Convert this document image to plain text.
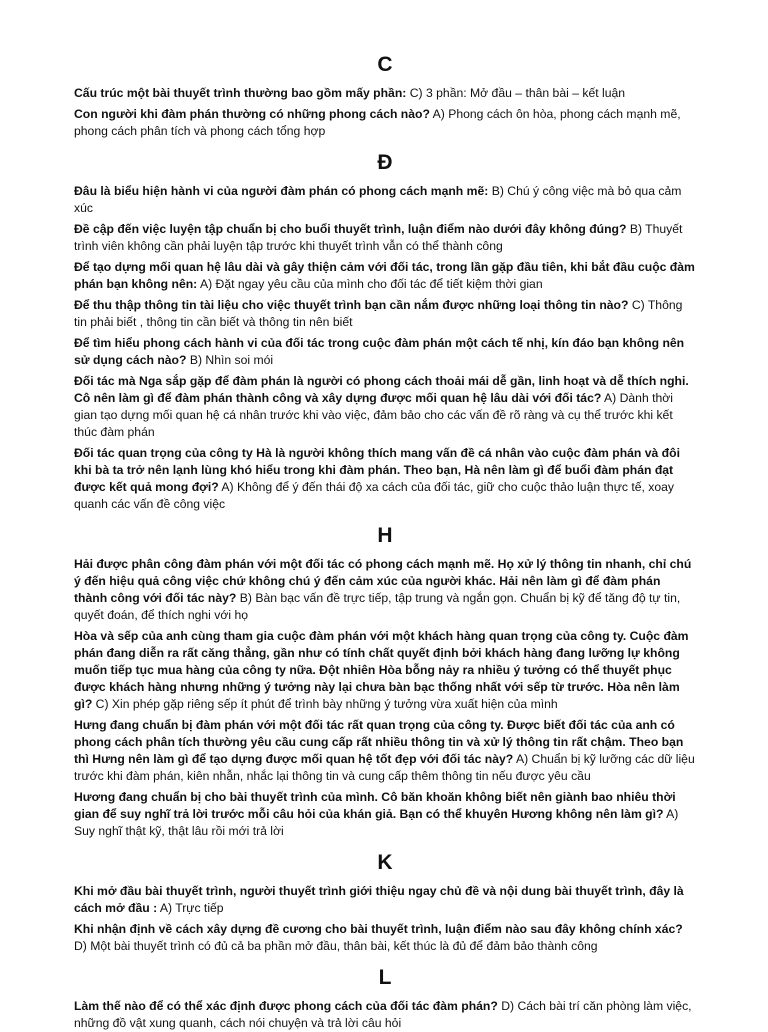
C

Cấu trúc một bài thuyết trình thường bao gồm mấy phần: C) 3 phần: Mở đầu – thân bài – kết luận

Con người khi đàm phán thường có những phong cách nào? A) Phong cách ôn hòa, phong cách mạnh mẽ, phong cách phân tích và phong cách tổng hợp

Đ

Đâu là biểu hiện hành vi của người đàm phán có phong cách mạnh mẽ: B) Chú ý công việc mà bỏ qua cảm xúc

Đề cập đến việc luyện tập chuẩn bị cho buổi thuyết trình, luận điểm nào dưới đây không đúng? B) Thuyết trình viên không cần phải luyện tập trước khi thuyết trình vẫn có thể thành công

Để tạo dựng mối quan hệ lâu dài và gây thiện cảm với đối tác, trong lần gặp đầu tiên, khi bắt đầu cuộc đàm phán bạn không nên: A) Đặt ngay yêu cầu của mình cho đối tác để tiết kiệm thời gian

Để thu thập thông tin tài liệu cho việc thuyết trình bạn cần nắm được những loại thông tin nào? C) Thông tin phải biết , thông tin cần biết và thông tin nên biết

Để tìm hiểu phong cách hành vi của đối tác trong cuộc đàm phán một cách tế nhị, kín đáo bạn không nên sử dụng cách nào? B) Nhìn soi mói

Đối tác mà Nga sắp gặp để đàm phán là người có phong cách thoải mái dễ gần, linh hoạt và dễ thích nghi. Cô nên làm gì để đàm phán thành công và xây dựng được mối quan hệ lâu dài với đối tác? A) Dành thời gian tạo dựng mối quan hệ cá nhân trước khi vào việc, đảm bảo cho các vấn đề rõ ràng và cụ thể trước khi kết thúc đàm phán

Đối tác quan trọng của công ty Hà là người không thích mang vấn đề cá nhân vào cuộc đàm phán và đôi khi bà ta trở nên lạnh lùng khó hiểu trong khi đàm phán. Theo bạn, Hà nên làm gì để buổi đàm phán đạt được kết quả mong đợi? A) Không để ý đến thái độ xa cách của đối tác, giữ cho cuộc thảo luận thực tế, xoay quanh các vấn đề công việc

H

Hải được phân công đàm phán với một đối tác có phong cách mạnh mẽ. Họ xử lý thông tin nhanh, chỉ chú ý đến hiệu quả công việc chứ không chú ý đến cảm xúc của người khác. Hải nên làm gì để đàm phán thành công với đối tác này? B) Bàn bạc vấn đề trực tiếp, tập trung và ngắn gọn. Chuẩn bị kỹ để tăng độ tự tin, quyết đoán, để thích nghi với họ

Hòa và sếp của anh cùng tham gia cuộc đàm phán với một khách hàng quan trọng của công ty. Cuộc đàm phán đang diễn ra rất căng thẳng, gần như có tính chất quyết định bởi khách hàng đang lưỡng lự không muốn tiếp tục mua hàng của công ty nữa. Đột nhiên Hòa bỗng nảy ra nhiều ý tưởng có thể thuyết phục được khách hàng nhưng những ý tưởng này lại chưa bàn bạc thống nhất với sếp từ trước. Hòa nên làm gì? C) Xin phép gặp riêng sếp ít phút để trình bày những ý tưởng vừa xuất hiện của mình

Hưng đang chuẩn bị đàm phán với một đối tác rất quan trọng của công ty. Được biết đối tác của anh có phong cách phân tích thường yêu cầu cung cấp rất nhiều thông tin và xử lý thông tin rất chậm. Theo bạn thì Hưng nên làm gì để tạo dựng được mối quan hệ tốt đẹp với đối tác này? A) Chuẩn bị kỹ lưỡng các dữ liệu trước khi đàm phán, kiên nhẫn, nhắc lại thông tin và cung cấp thêm thông tin nếu được yêu cầu

Hương đang chuẩn bị cho bài thuyết trình của mình. Cô băn khoăn không biết nên giành bao nhiêu thời gian để suy nghĩ trả lời trước mỗi câu hỏi của khán giả. Bạn có thể khuyên Hương không nên làm gì? A) Suy nghĩ thật kỹ, thật lâu rồi mới trả lời

K

Khi mở đầu bài thuyết trình, người thuyết trình giới thiệu ngay chủ đề và nội dung bài thuyết trình, đây là cách mở đầu : A) Trực tiếp

Khi nhận định về cách xây dựng đề cương cho bài thuyết trình, luận điểm nào sau đây không chính xác? D) Một bài thuyết trình có đủ cả ba phần mở đầu, thân bài, kết thúc là đủ để đảm bảo thành công

L

Làm thế nào để có thể xác định được phong cách của đối tác đàm phán? D) Cách bài trí căn phòng làm việc, những đồ vật xung quanh, cách nói chuyện và trả lời câu hỏi
